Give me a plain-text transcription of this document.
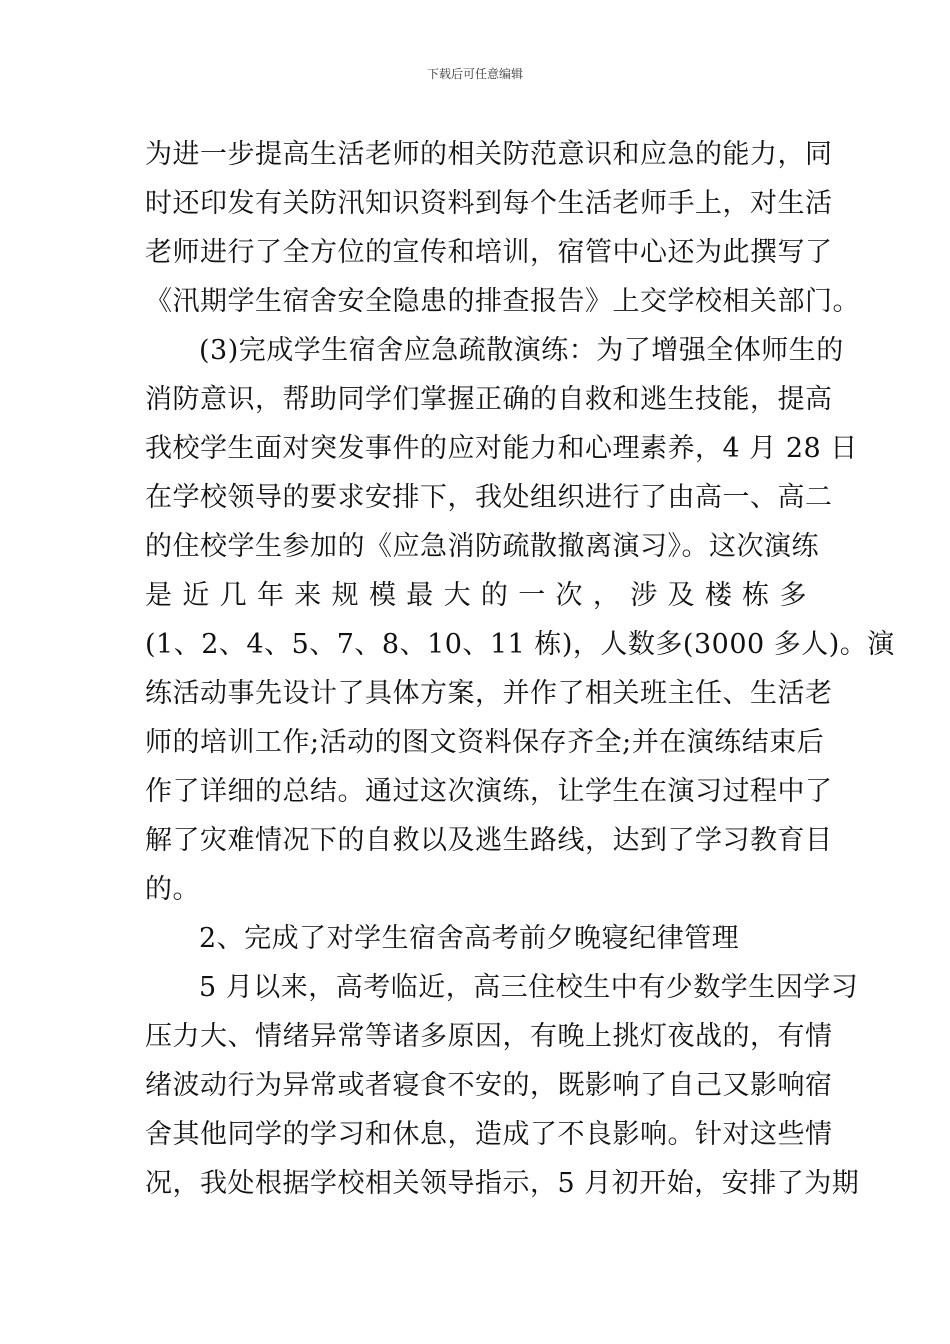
下载后可任意编辑
为进一步提高生活老师的相关防范意识和应急的能力，同
时还印发有关防汛知识资料到每个生活老师手上，对生活
老师进行了全方位的宣传和培训，宿管中心还为此撰写了
《汛期学生宿舍安全隐患的排查报告》上交学校相关部门。
(3)完成学生宿舍应急疏散演练：为了增强全体师生的
消防意识，帮助同学们掌握正确的自救和逃生技能，提高
我校学生面对突发事件的应对能力和心理素养，4 月 28 日
在学校领导的要求安排下，我处组织进行了由高一、高二
的住校学生参加的《应急消防疏散撤离演习》。这次演练
是 近 几 年 来 规 模 最 大 的 一 次 ， 涉 及 楼 栋 多
(1、2、4、5、7、8、10、11 栋)，人数多(3000 多人)。演
练活动事先设计了具体方案，并作了相关班主任、生活老
师的培训工作;活动的图文资料保存齐全;并在演练结束后
作了详细的总结。通过这次演练，让学生在演习过程中了
解了灾难情况下的自救以及逃生路线，达到了学习教育目
的。
2、完成了对学生宿舍高考前夕晚寝纪律管理
5 月以来，高考临近，高三住校生中有少数学生因学习
压力大、情绪异常等诸多原因，有晚上挑灯夜战的，有情
绪波动行为异常或者寝食不安的，既影响了自己又影响宿
舍其他同学的学习和休息，造成了不良影响。针对这些情
况，我处根据学校相关领导指示，5 月初开始，安排了为期
